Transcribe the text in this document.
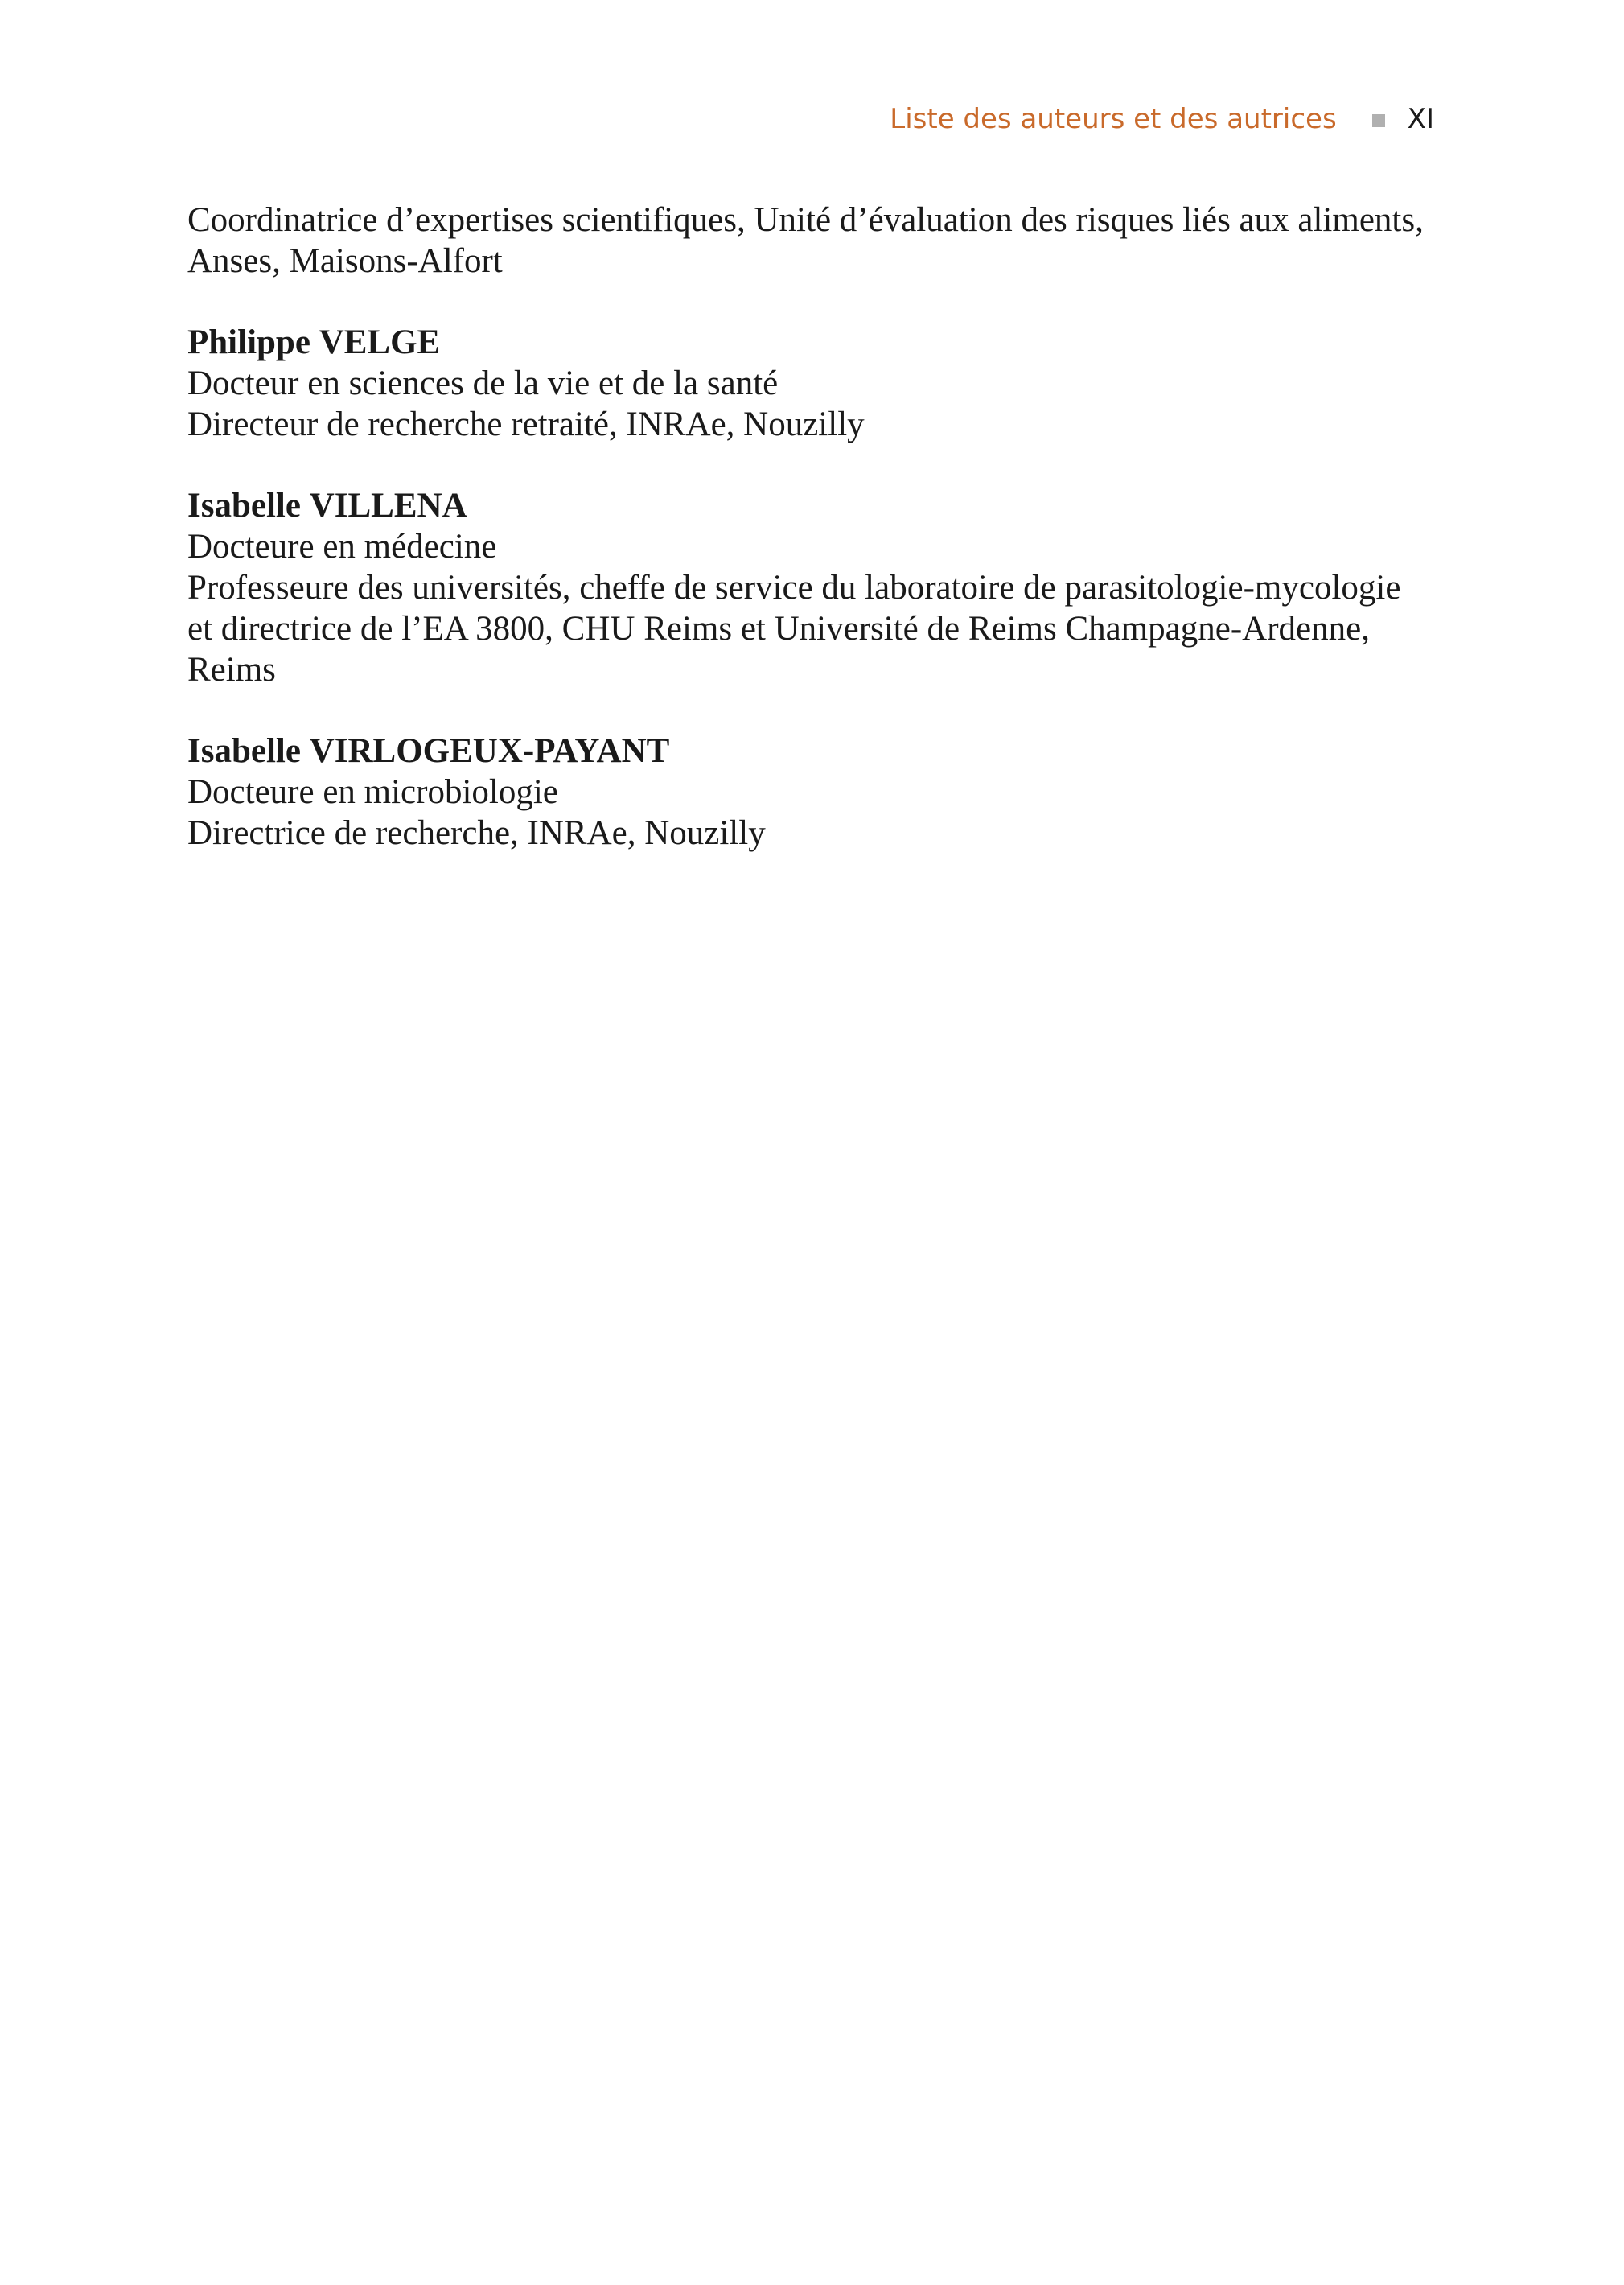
Liste des auteurs et des autrices	XI
Coordinatrice d’expertises scientifiques, Unité d’évaluation des risques liés aux aliments,
Anses, Maisons-Alfort
Philippe VELGE
Docteur en sciences de la vie et de la santé
Directeur de recherche retraité, INRAe, Nouzilly
Isabelle VILLENA
Docteure en médecine
Professeure des universités, cheffe de service du laboratoire de parasitologie-mycologie
et directrice de l’EA 3800, CHU Reims et Université de Reims Champagne-Ardenne,
Reims
Isabelle VIRLOGEUX-PAYANT
Docteure en microbiologie
Directrice de recherche, INRAe, Nouzilly
